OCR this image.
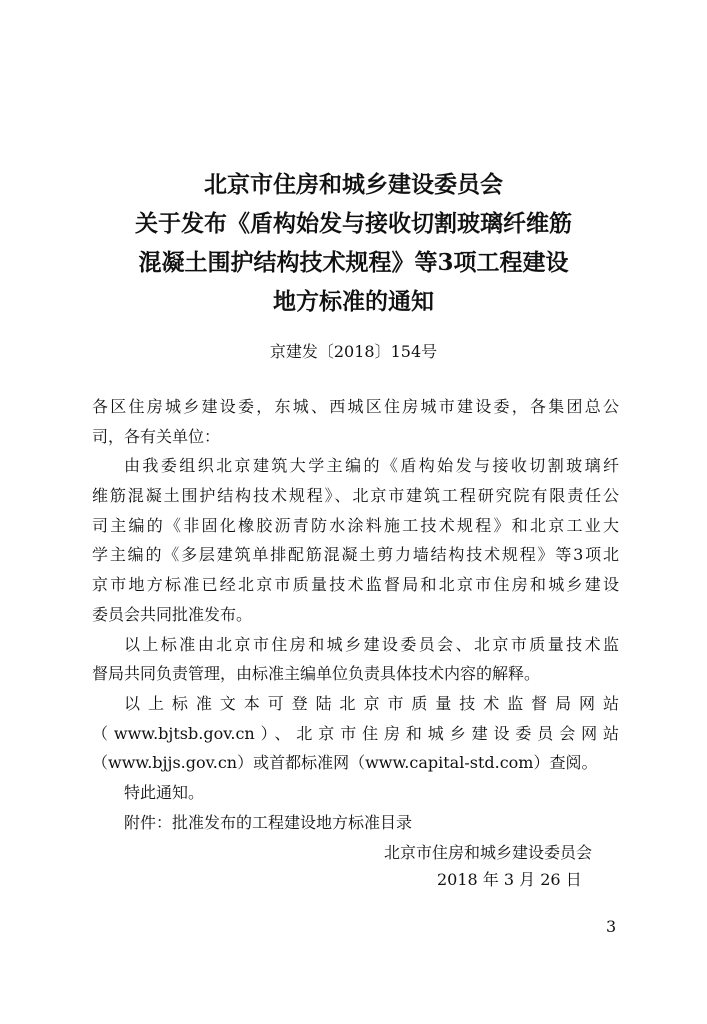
北京市住房和城乡建设委员会
关于发布《盾构始发与接收切割玻璃纤维筋
混凝土围护结构技术规程》等3项工程建设
地方标准的通知
京建发〔2018〕154号
各区住房城乡建设委，东城、西城区住房城市建设委，各集团总公
司，各有关单位：
由我委组织北京建筑大学主编的《盾构始发与接收切割玻璃纤
维筋混凝土围护结构技术规程》、北京市建筑工程研究院有限责任公
司主编的《非固化橡胶沥青防水涂料施工技术规程》和北京工业大
学主编的《多层建筑单排配筋混凝土剪力墙结构技术规程》等3项北
京市地方标准已经北京市质量技术监督局和北京市住房和城乡建设
委员会共同批准发布。
以上标准由北京市住房和城乡建设委员会、北京市质量技术监
督局共同负责管理，由标准主编单位负责具体技术内容的解释。
以上标准文本可登陆北京市质量技术监督局网站
（www.bjtsb.gov.cn）、北京市住房和城乡建设委员会网站
（www.bjjs.gov.cn）或首都标准网（www.capital-std.com）查阅。
特此通知。
附件：批准发布的工程建设地方标准目录
北京市住房和城乡建设委员会
2018 年 3 月 26 日
3
